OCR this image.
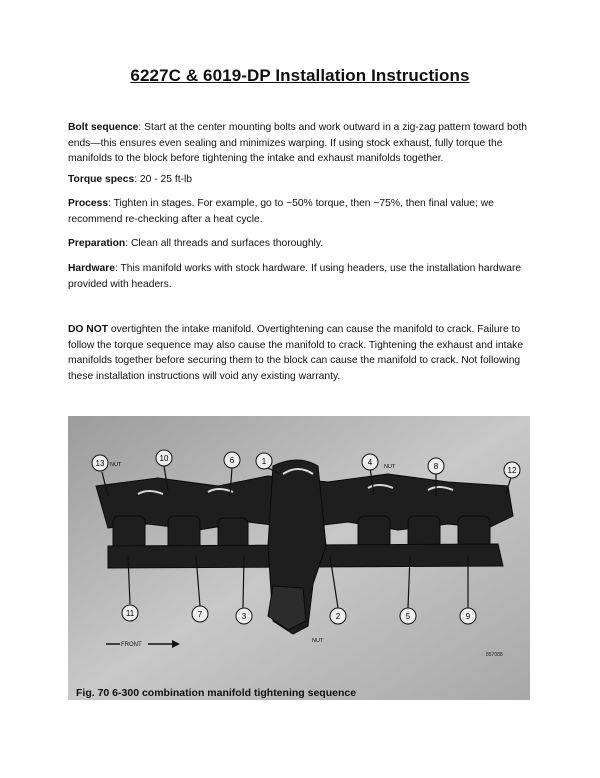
6227C & 6019-DP Installation Instructions

Bolt sequence: Start at the center mounting bolts and work outward in a zig-zag pattern toward both ends—this ensures even sealing and minimizes warping. If using stock exhaust, fully torque the manifolds to the block before tightening the intake and exhaust manifolds together.

Torque specs: 20 - 25 ft-lb

Process: Tighten in stages. For example, go to ~50% torque, then ~75%, then final value; we recommend re-checking after a heat cycle.

Preparation: Clean all threads and surfaces thoroughly.

Hardware: This manifold works with stock hardware. If using headers, use the installation hardware provided with headers.

DO NOT overtighten the intake manifold. Overtightening can cause the manifold to crack. Failure to follow the torque sequence may also cause the manifold to crack. Tightening the exhaust and intake manifolds together before securing them to the block can cause the manifold to crack. Not following these installation instructions will void any existing warranty.

13
10	6	1	4	8	12
11	7	3	2	5	9
NUT	NUT
NUT
FRONT
857088
Fig. 70 6-300 combination manifold tightening sequence
